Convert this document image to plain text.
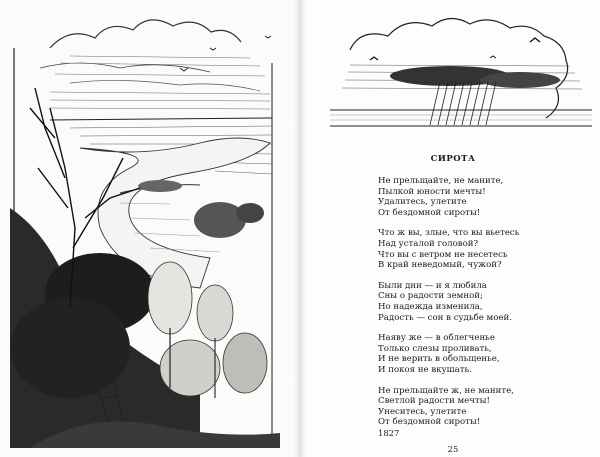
СИРОТА
Не прельщайте, не маните,
Пылкой юности мечты!
Удалитесь, улетите
От бездомной сироты!
Что ж вы, злые, что вы вьетесь
Над усталой головой?
Что вы с ветром не несетесь
В край неведомый, чужой?
Были дни — и я любила
Сны о радости земной;
Но надежда изменила,
Радость — сон в судьбе моей.
Наяву же — в облегченье
Только слезы проливать,
И не верить в обольщенье,
И покоя не вкушать.
Не прельщайте ж, не маните,
Светлой радости мечты!
Унеситесь, улетите
От бездомной сироты!
1827
25
